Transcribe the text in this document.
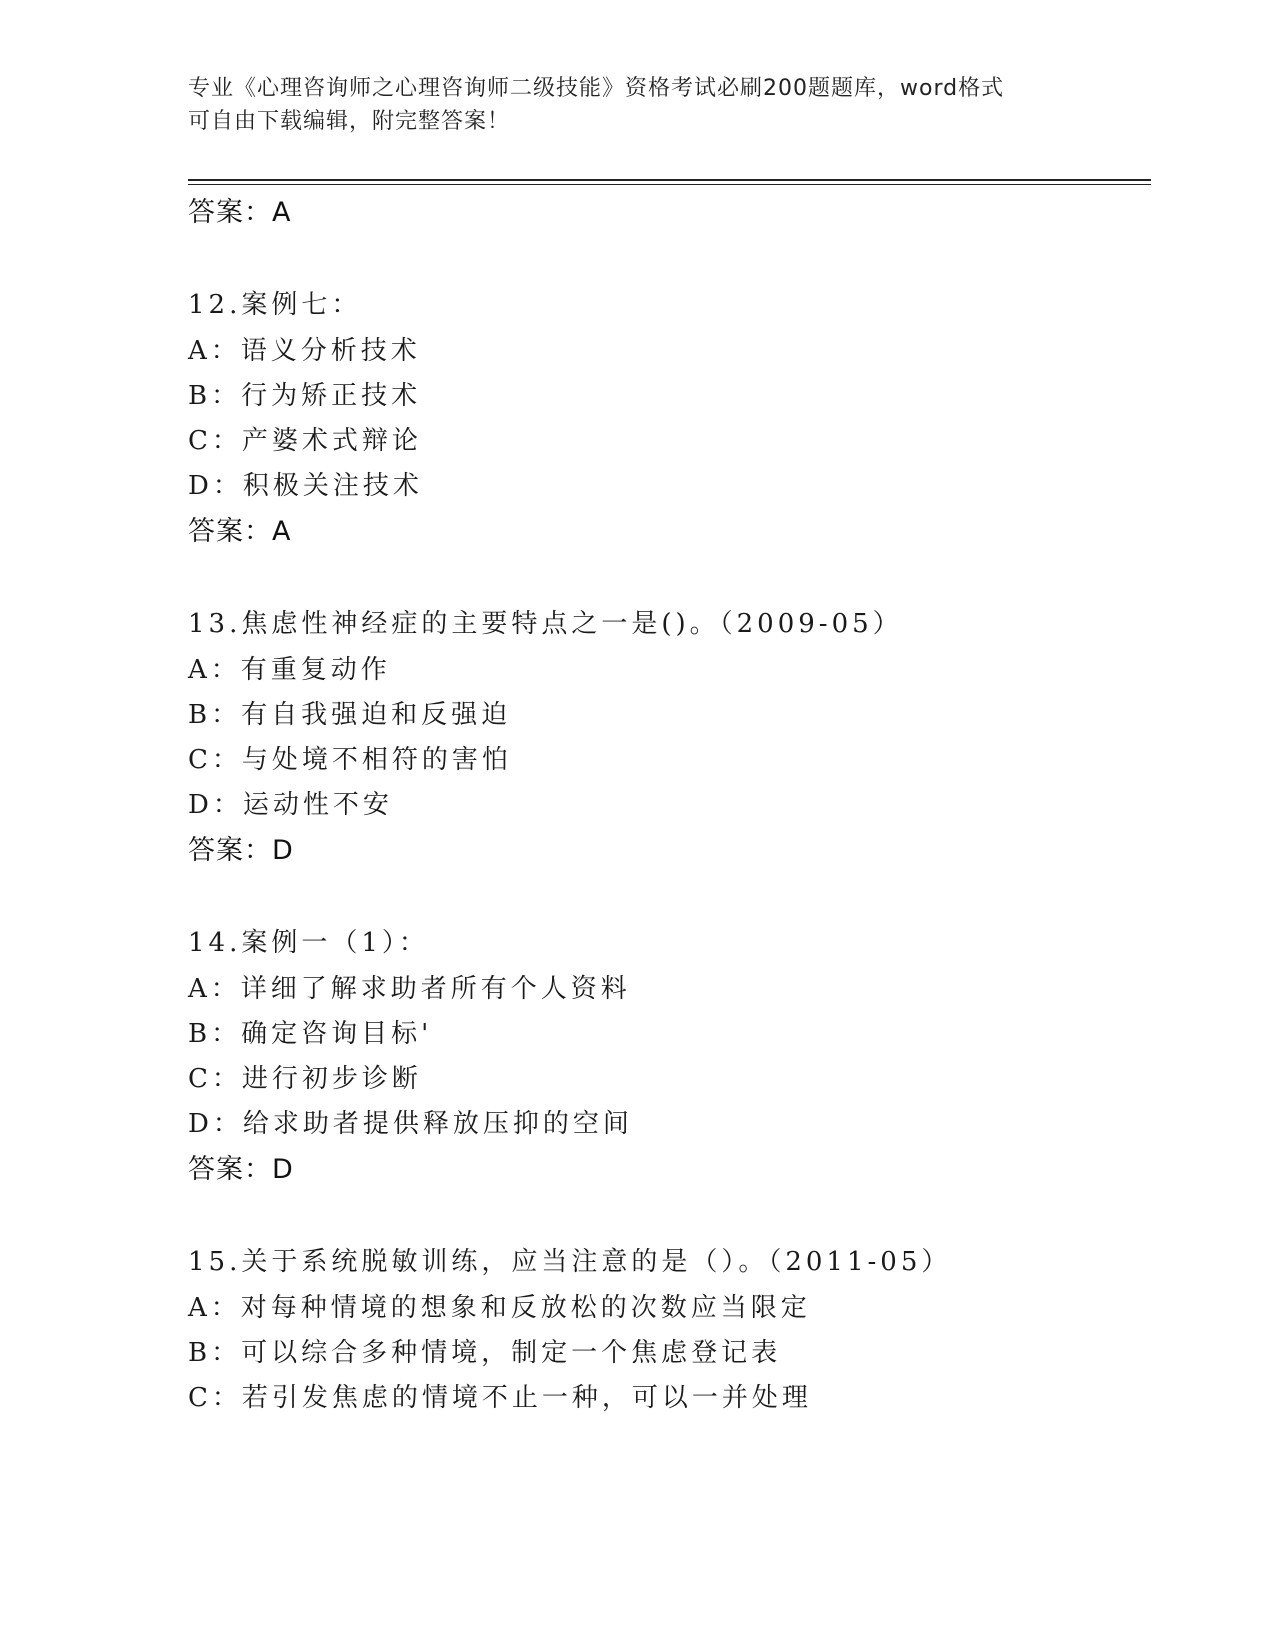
专业《心理咨询师之心理咨询师二级技能》资格考试必刷200题题库，word格式
可自由下载编辑，附完整答案！
答案：A
12.案例七：
A：语义分析技术
B：行为矫正技术
C：产婆术式辩论
D：积极关注技术
答案：A
13.焦虑性神经症的主要特点之一是()。（2009-05）
A：有重复动作
B：有自我强迫和反强迫
C：与处境不相符的害怕
D：运动性不安
答案：D
14.案例一（1）：
A：详细了解求助者所有个人资料
B：确定咨询目标'
C：进行初步诊断
D：给求助者提供释放压抑的空间
答案：D
15.关于系统脱敏训练，应当注意的是（）。（2011-05）
A：对每种情境的想象和反放松的次数应当限定
B：可以综合多种情境，制定一个焦虑登记表
C：若引发焦虑的情境不止一种，可以一并处理
